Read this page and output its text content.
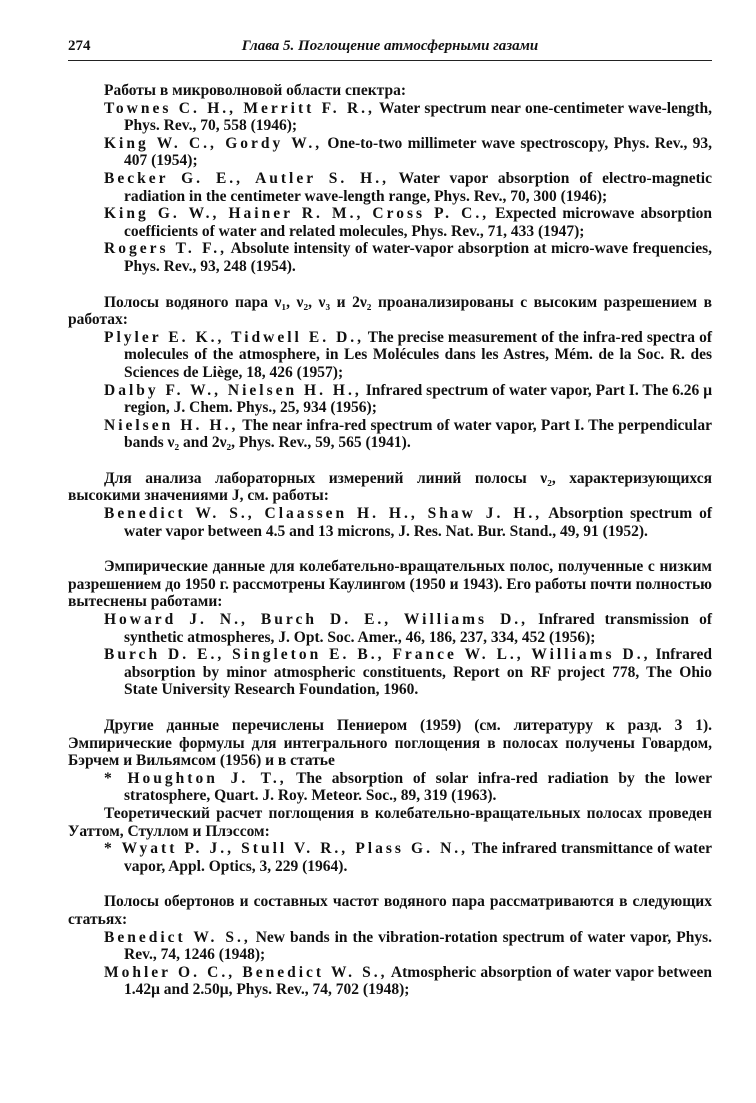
274	Глава 5. Поглощение атмосферными газами

Работы в микроволновой области спектра:

Townes C. H., Merritt F. R., Water spectrum near one-centimeter wave-length, Phys. Rev., 70, 558 (1946);

King W. C., Gordy W., One-to-two millimeter wave spectroscopy, Phys. Rev., 93, 407 (1954);

Becker G. E., Autler S. H., Water vapor absorption of electro-magnetic radiation in the centimeter wave-length range, Phys. Rev., 70, 300 (1946);

King G. W., Hainer R. M., Cross P. C., Expected microwave absorption coefficients of water and related molecules, Phys. Rev., 71, 433 (1947);

Rogers T. F., Absolute intensity of water-vapor absorption at micro-wave frequencies, Phys. Rev., 93, 248 (1954).

Полосы водяного пара ν₁, ν₂, ν₃ и 2ν₂ проанализированы с высоким разрешением в работах:

Plyler E. K., Tidwell E. D., The precise measurement of the infra-red spectra of molecules of the atmosphere, in Les Molécules dans les Astres, Mém. de la Soc. R. des Sciences de Liège, 18, 426 (1957);

Dalby F. W., Nielsen H. H., Infrared spectrum of water vapor, Part I. The 6.26 μ region, J. Chem. Phys., 25, 934 (1956);

Nielsen H. H., The near infra-red spectrum of water vapor, Part I. The perpendicular bands ν₂ and 2ν₂, Phys. Rev., 59, 565 (1941).

Для анализа лабораторных измерений линий полосы ν₂, характеризующихся высокими значениями J, см. работы:

Benedict W. S., Claassen H. H., Shaw J. H., Absorption spectrum of water vapor between 4.5 and 13 microns, J. Res. Nat. Bur. Stand., 49, 91 (1952).

Эмпирические данные для колебательно-вращательных полос, полученные с низким разрешением до 1950 г. рассмотрены Каулингом (1950 и 1943). Его работы почти полностью вытеснены работами:

Howard J. N., Burch D. E., Williams D., Infrared transmission of synthetic atmospheres, J. Opt. Soc. Amer., 46, 186, 237, 334, 452 (1956);

Burch D. E., Singleton E. B., France W. L., Williams D., Infrared absorption by minor atmospheric constituents, Report on RF project 778, The Ohio State University Research Foundation, 1960.

Другие данные перечислены Пениером (1959) (см. литературу к разд. 3 1). Эмпирические формулы для интегрального поглощения в полосах получены Говардом, Бэрчем и Вильямсом (1956) и в статье

* Houghton J. T., The absorption of solar infra-red radiation by the lower stratosphere, Quart. J. Roy. Meteor. Soc., 89, 319 (1963).

Теоретический расчет поглощения в колебательно-вращательных полосах проведен Уаттом, Стуллом и Плэссом:

* Wyatt P. J., Stull V. R., Plass G. N., The infrared transmittance of water vapor, Appl. Optics, 3, 229 (1964).

Полосы обертонов и составных частот водяного пара рассматриваются в следующих статьях:

Benedict W. S., New bands in the vibration-rotation spectrum of water vapor, Phys. Rev., 74, 1246 (1948);

Mohler O. C., Benedict W. S., Atmospheric absorption of water vapor between 1.42μ and 2.50μ, Phys. Rev., 74, 702 (1948);
